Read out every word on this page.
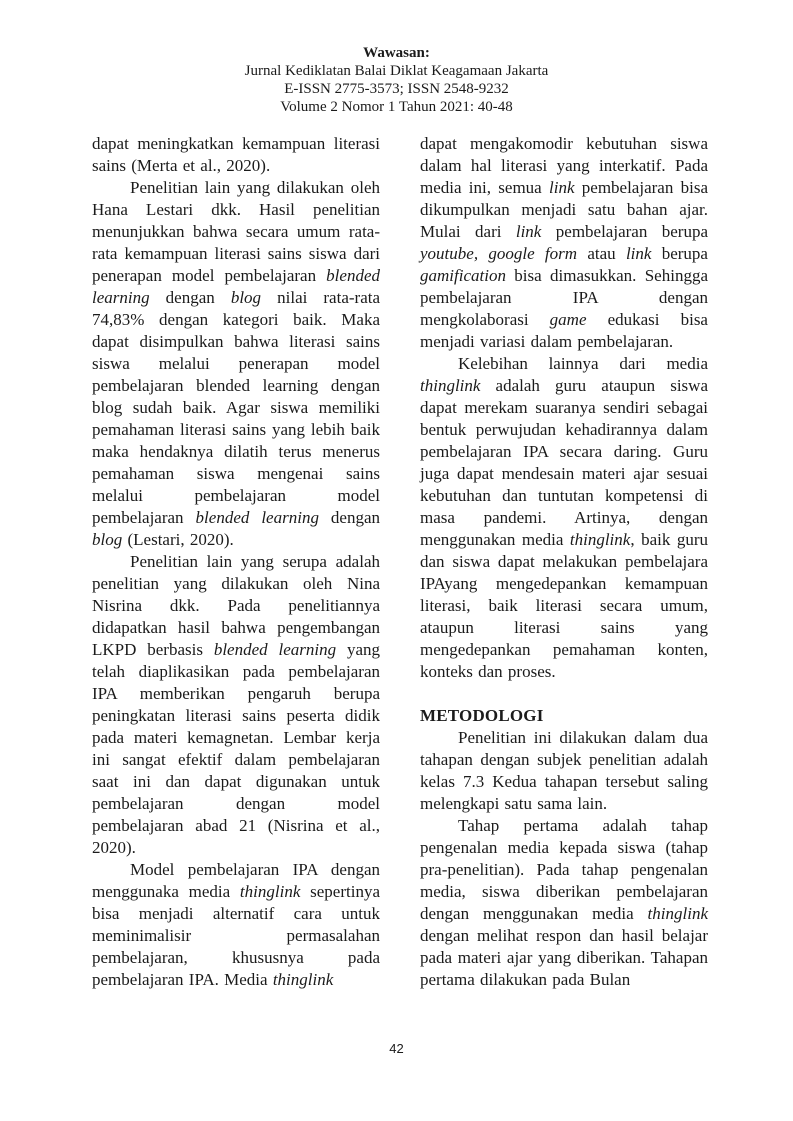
Wawasan:
Jurnal Kediklatan Balai Diklat Keagamaan Jakarta
E-ISSN 2775-3573; ISSN 2548-9232
Volume 2 Nomor 1 Tahun 2021: 40-48

dapat meningkatkan kemampuan literasi sains (Merta et al., 2020).

Penelitian lain yang dilakukan oleh Hana Lestari dkk. Hasil penelitian menunjukkan bahwa secara umum rata-rata kemampuan literasi sains siswa dari penerapan model pembelajaran blended learning dengan blog nilai rata-rata 74,83% dengan kategori baik. Maka dapat disimpulkan bahwa literasi sains siswa melalui penerapan model pembelajaran blended learning dengan blog sudah baik. Agar siswa memiliki pemahaman literasi sains yang lebih baik maka hendaknya dilatih terus menerus pemahaman siswa mengenai sains melalui pembelajaran model pembelajaran blended learning dengan blog (Lestari, 2020).

Penelitian lain yang serupa adalah penelitian yang dilakukan oleh Nina Nisrina dkk. Pada penelitiannya didapatkan hasil bahwa pengembangan LKPD berbasis blended learning yang telah diaplikasikan pada pembelajaran IPA memberikan pengaruh berupa peningkatan literasi sains peserta didik pada materi kemagnetan. Lembar kerja ini sangat efektif dalam pembelajaran saat ini dan dapat digunakan untuk pembelajaran dengan model pembelajaran abad 21 (Nisrina et al., 2020).

Model pembelajaran IPA dengan menggunaka media thinglink sepertinya bisa menjadi alternatif cara untuk meminimalisir permasalahan pembelajaran, khususnya pada pembelajaran IPA. Media thinglink

dapat mengakomodir kebutuhan siswa dalam hal literasi yang interkatif. Pada media ini, semua link pembelajaran bisa dikumpulkan menjadi satu bahan ajar. Mulai dari link pembelajaran berupa youtube, google form atau link berupa gamification bisa dimasukkan. Sehingga pembelajaran IPA dengan mengkolaborasi game edukasi bisa menjadi variasi dalam pembelajaran.

Kelebihan lainnya dari media thinglink adalah guru ataupun siswa dapat merekam suaranya sendiri sebagai bentuk perwujudan kehadirannya dalam pembelajaran IPA secara daring. Guru juga dapat mendesain materi ajar sesuai kebutuhan dan tuntutan kompetensi di masa pandemi. Artinya, dengan menggunakan media thinglink, baik guru dan siswa dapat melakukan pembelajara IPAyang mengedepankan kemampuan literasi, baik literasi secara umum, ataupun literasi sains yang mengedepankan pemahaman konten, konteks dan proses.

METODOLOGI

Penelitian ini dilakukan dalam dua tahapan dengan subjek penelitian adalah kelas 7.3 Kedua tahapan tersebut saling melengkapi satu sama lain.

Tahap pertama adalah tahap pengenalan media kepada siswa (tahap pra-penelitian). Pada tahap pengenalan media, siswa diberikan pembelajaran dengan menggunakan media thinglink dengan melihat respon dan hasil belajar pada materi ajar yang diberikan. Tahapan pertama dilakukan pada Bulan

42
